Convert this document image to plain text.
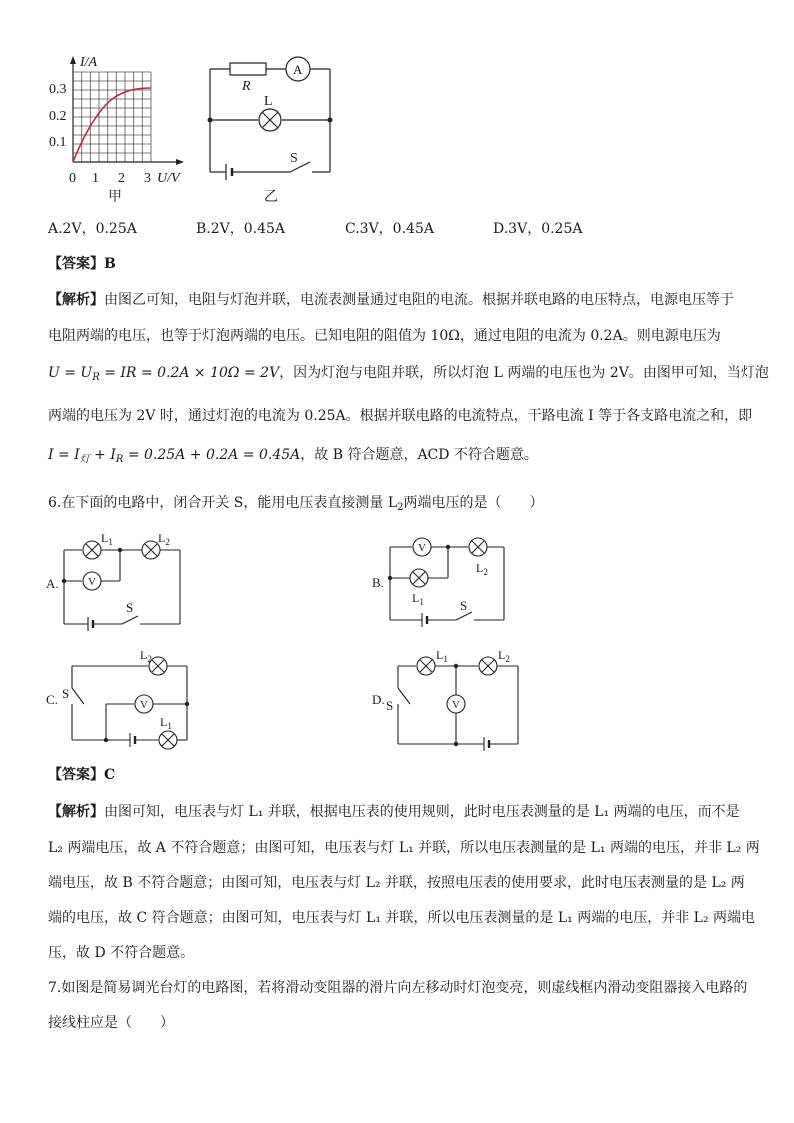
I/A
U/V
0.3
0.2
0.1
0 1 2 3
甲
A
R
L
S
乙
A.2V，0.25A	B.2V，0.45A	C.3V，0.45A	D.3V，0.25A
【答案】B
【解析】由图乙可知，电阻与灯泡并联，电流表测量通过电阻的电流。根据并联电路的电压特点，电源电压等于
电阻两端的电压，也等于灯泡两端的电压。已知电阻的阻值为 10Ω，通过电阻的电流为 0.2A。则电源电压为
$U = U_R$ = IR = 0.2A × 10Ω = 2V，因为灯泡与电阻并联，所以灯泡 L 两端的电压也为 2V。由图甲可知，当灯泡
两端的电压为 2V 时，通过灯泡的电流为 0.25A。根据并联电路的电流特点，干路电流 I 等于各支路电流之和，即
$I = I_灯 + I_R = 0.25A + 0.2A = 0.45A$，故 B 符合题意，ACD 不符合题意。
6.在下面的电路中，闭合开关 S，能用电压表直接测量 $L_2$两端电压的是（　　）
A.	V
$L_1$	$L_2$
S
B.
V
$L_2$
$L_1$	S
C. S
V
$L_2$
$L_1$
D. S	V
$L_1$	$L_2$
【答案】C
【解析】由图可知，电压表与灯 L₁ 并联，根据电压表的使用规则，此时电压表测量的是 L₁ 两端的电压，而不是
L₂ 两端电压，故 A 不符合题意；由图可知，电压表与灯 L₁ 并联，所以电压表测量的是 L₁ 两端的电压，并非 L₂ 两
端电压，故 B 不符合题意；由图可知，电压表与灯 L₂ 并联，按照电压表的使用要求，此时电压表测量的是 L₂ 两
端的电压，故 C 符合题意；由图可知，电压表与灯 L₁ 并联，所以电压表测量的是 L₁ 两端的电压，并非 L₂ 两端电
压，故 D 不符合题意。
7.如图是简易调光台灯的电路图，若将滑动变阻器的滑片向左移动时灯泡变亮，则虚线框内滑动变阻器接入电路的
接线柱应是（　　）
